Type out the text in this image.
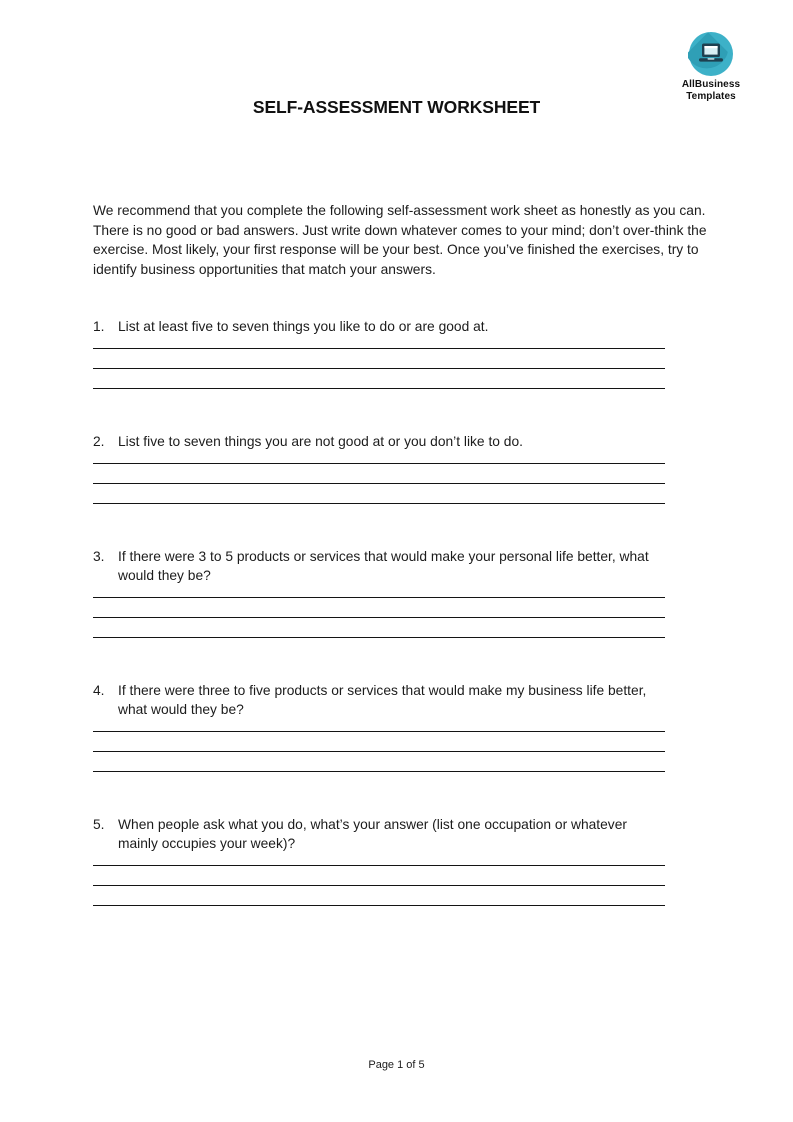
AllBusiness
Templates
SELF-ASSESSMENT WORKSHEET

We recommend that you complete the following self-assessment work sheet as honestly as you can. There is no good or bad answers. Just write down whatever comes to your mind; don’t over-think the exercise. Most likely, your first response will be your best. Once you’ve finished the exercises, try to identify business opportunities that match your answers.

1. List at least five to seven things you like to do or are good at.
2. List five to seven things you are not good at or you don’t like to do.
3. If there were 3 to 5 products or services that would make your personal life better, what would they be?
4. If there were three to five products or services that would make my business life better, what would they be?
5. When people ask what you do, what’s your answer (list one occupation or whatever mainly occupies your week)?
Page 1 of 5
